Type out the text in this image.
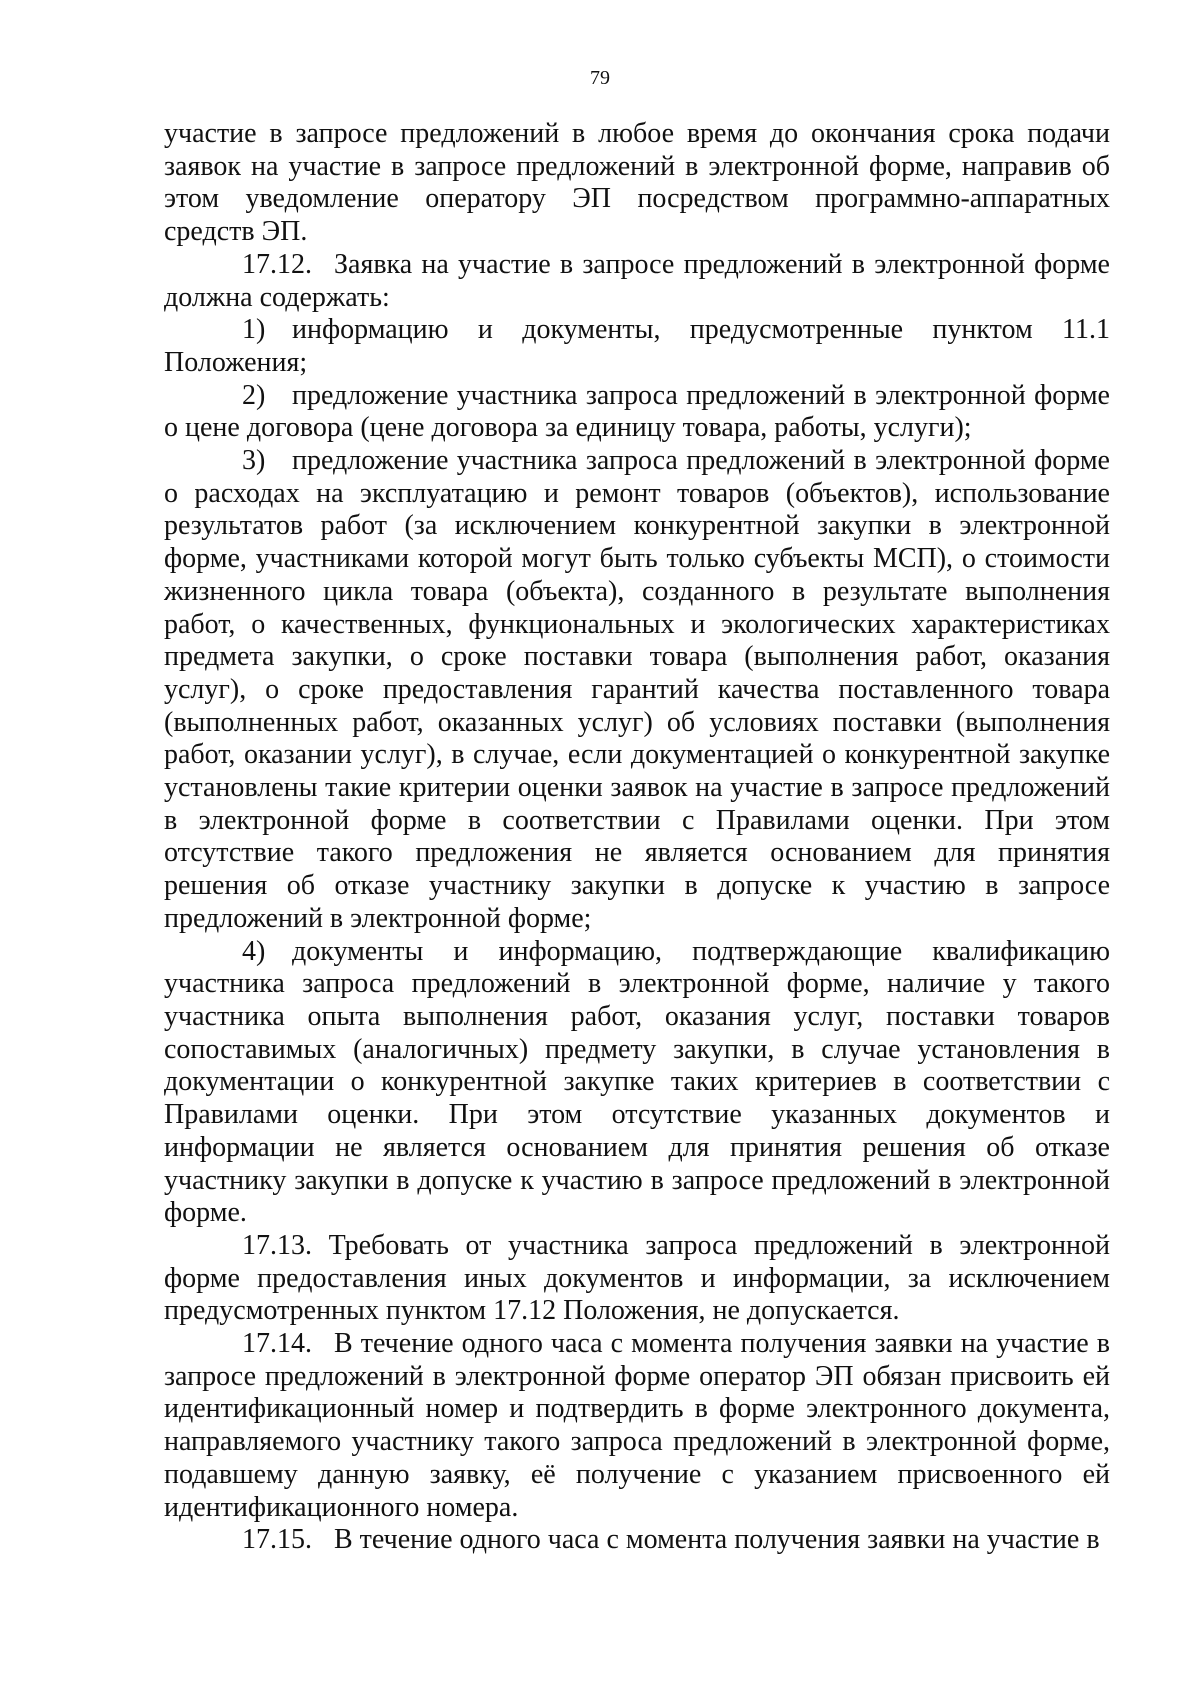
79

участие в запросе предложений в любое время до окончания срока подачи заявок на участие в запросе предложений в электронной форме, направив об этом уведомление оператору ЭП посредством программно-аппаратных средств ЭП.

17.12. Заявка на участие в запросе предложений в электронной форме должна содержать:

1) информацию и документы, предусмотренные пунктом 11.1 Положения;

2) предложение участника запроса предложений в электронной форме о цене договора (цене договора за единицу товара, работы, услуги);

3) предложение участника запроса предложений в электронной форме о расходах на эксплуатацию и ремонт товаров (объектов), использование результатов работ (за исключением конкурентной закупки в электронной форме, участниками которой могут быть только субъекты МСП), о стоимости жизненного цикла товара (объекта), созданного в результате выполнения работ, о качественных, функциональных и экологических характеристиках предмета закупки, о сроке поставки товара (выполнения работ, оказания услуг), о сроке предоставления гарантий качества поставленного товара (выполненных работ, оказанных услуг) об условиях поставки (выполнения работ, оказании услуг), в случае, если документацией о конкурентной закупке установлены такие критерии оценки заявок на участие в запросе предложений в электронной форме в соответствии с Правилами оценки. При этом отсутствие такого предложения не является основанием для принятия решения об отказе участнику закупки в допуске к участию в запросе предложений в электронной форме;

4) документы и информацию, подтверждающие квалификацию участника запроса предложений в электронной форме, наличие у такого участника опыта выполнения работ, оказания услуг, поставки товаров сопоставимых (аналогичных) предмету закупки, в случае установления в документации о конкурентной закупке таких критериев в соответствии с Правилами оценки. При этом отсутствие указанных документов и информации не является основанием для принятия решения об отказе участнику закупки в допуске к участию в запросе предложений в электронной форме.

17.13. Требовать от участника запроса предложений в электронной форме предоставления иных документов и информации, за исключением предусмотренных пунктом 17.12 Положения, не допускается.

17.14. В течение одного часа с момента получения заявки на участие в запросе предложений в электронной форме оператор ЭП обязан присвоить ей идентификационный номер и подтвердить в форме электронного документа, направляемого участнику такого запроса предложений в электронной форме, подавшему данную заявку, её получение с указанием присвоенного ей идентификационного номера.

17.15. В течение одного часа с момента получения заявки на участие в
